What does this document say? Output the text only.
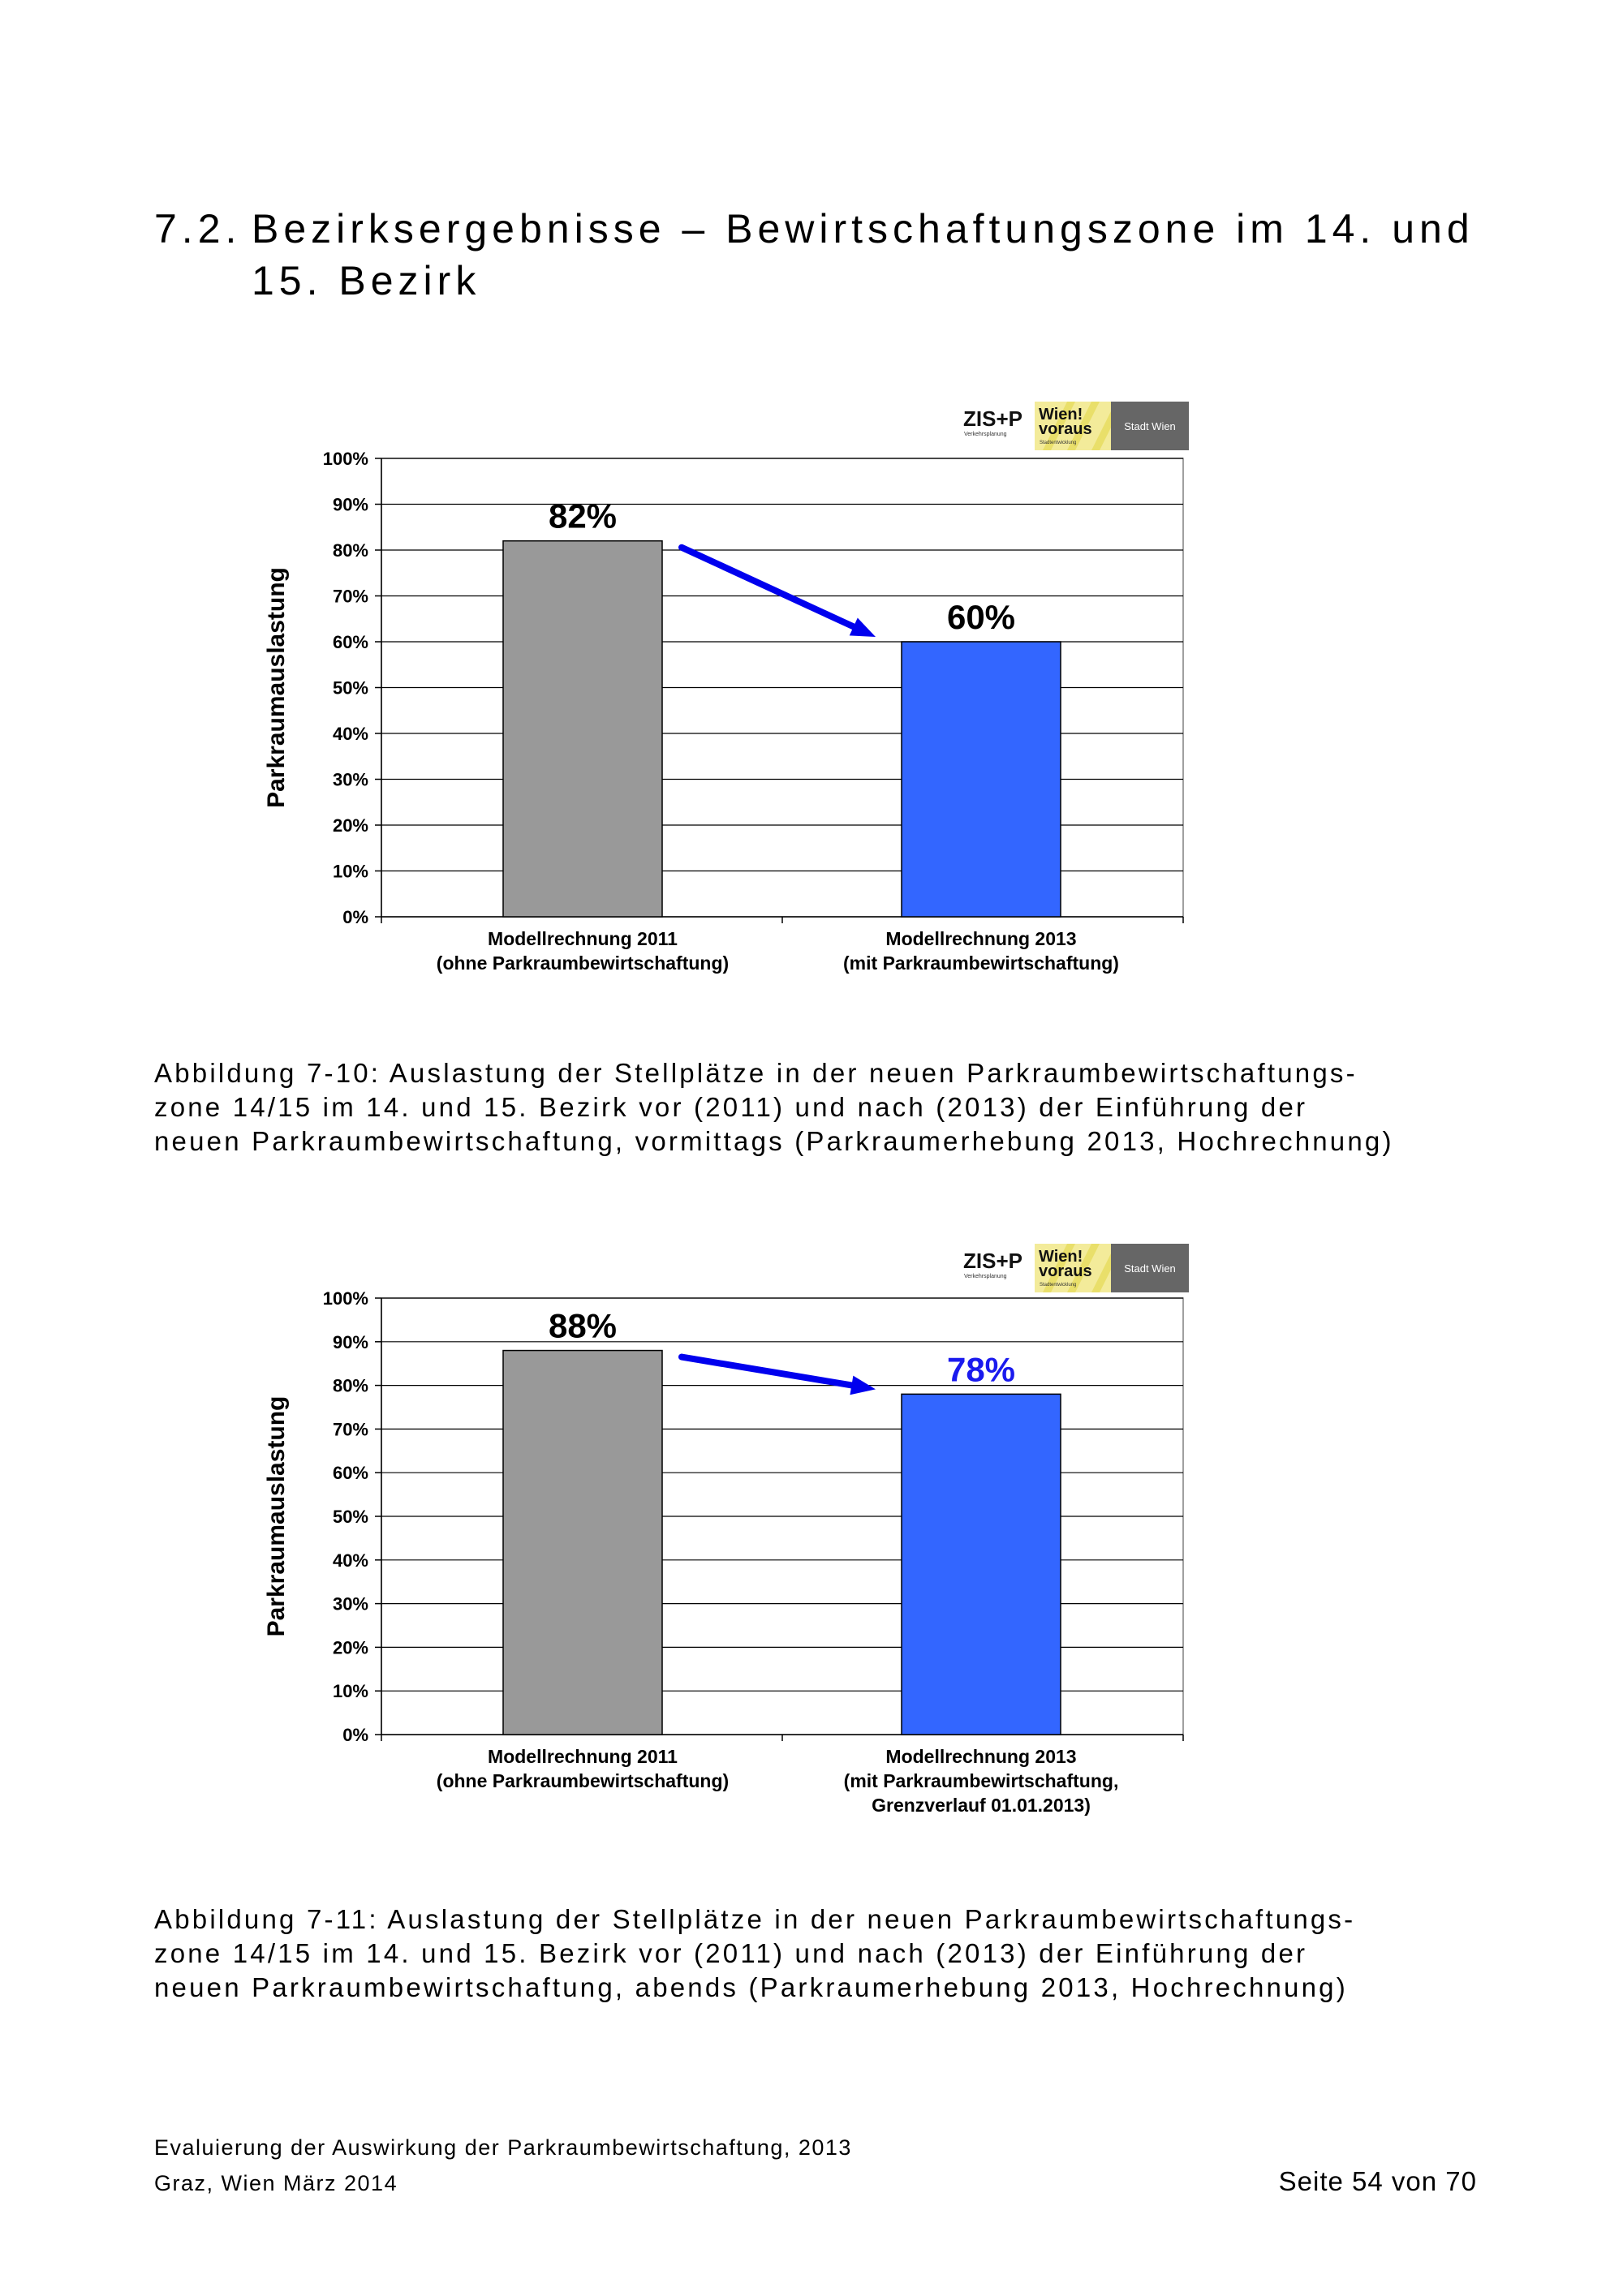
7.2. Bezirksergebnisse – Bewirtschaftungszone im 14. und
15. Bezirk
ZIS+P
Verkehrsplanung
Wien!
voraus
Stadtentwicklung
Stadt Wien
ZIS+P
Verkehrsplanung
Wien!
voraus
Stadtentwicklung
Stadt Wien
0%
10%
20%
30%
40%
50%
60%
70%
80%
90%
100%
Parkraumauslastung
82%
Modellrechnung 2011
(ohne Parkraumbewirtschaftung)
60%
Modellrechnung 2013
(mit Parkraumbewirtschaftung)
Abbildung 7-10: Auslastung der Stellplätze in der neuen Parkraumbewirtschaftungs-
zone 14/15 im 14. und 15. Bezirk vor (2011) und nach (2013) der Einführung der
neuen Parkraumbewirtschaftung, vormittags (Parkraumerhebung 2013, Hochrechnung)
0%
10%
20%
30%
40%
50%
60%
70%
80%
90%
100%
Parkraumauslastung
88%
Modellrechnung 2011
(ohne Parkraumbewirtschaftung)
78%
Modellrechnung 2013
(mit Parkraumbewirtschaftung,
Grenzverlauf 01.01.2013)
Abbildung 7-11: Auslastung der Stellplätze in der neuen Parkraumbewirtschaftungs-
zone 14/15 im 14. und 15. Bezirk vor (2011) und nach (2013) der Einführung der
neuen Parkraumbewirtschaftung, abends (Parkraumerhebung 2013, Hochrechnung)
Evaluierung der Auswirkung der Parkraumbewirtschaftung, 2013
Graz, Wien März 2014	Seite 54 von 70
